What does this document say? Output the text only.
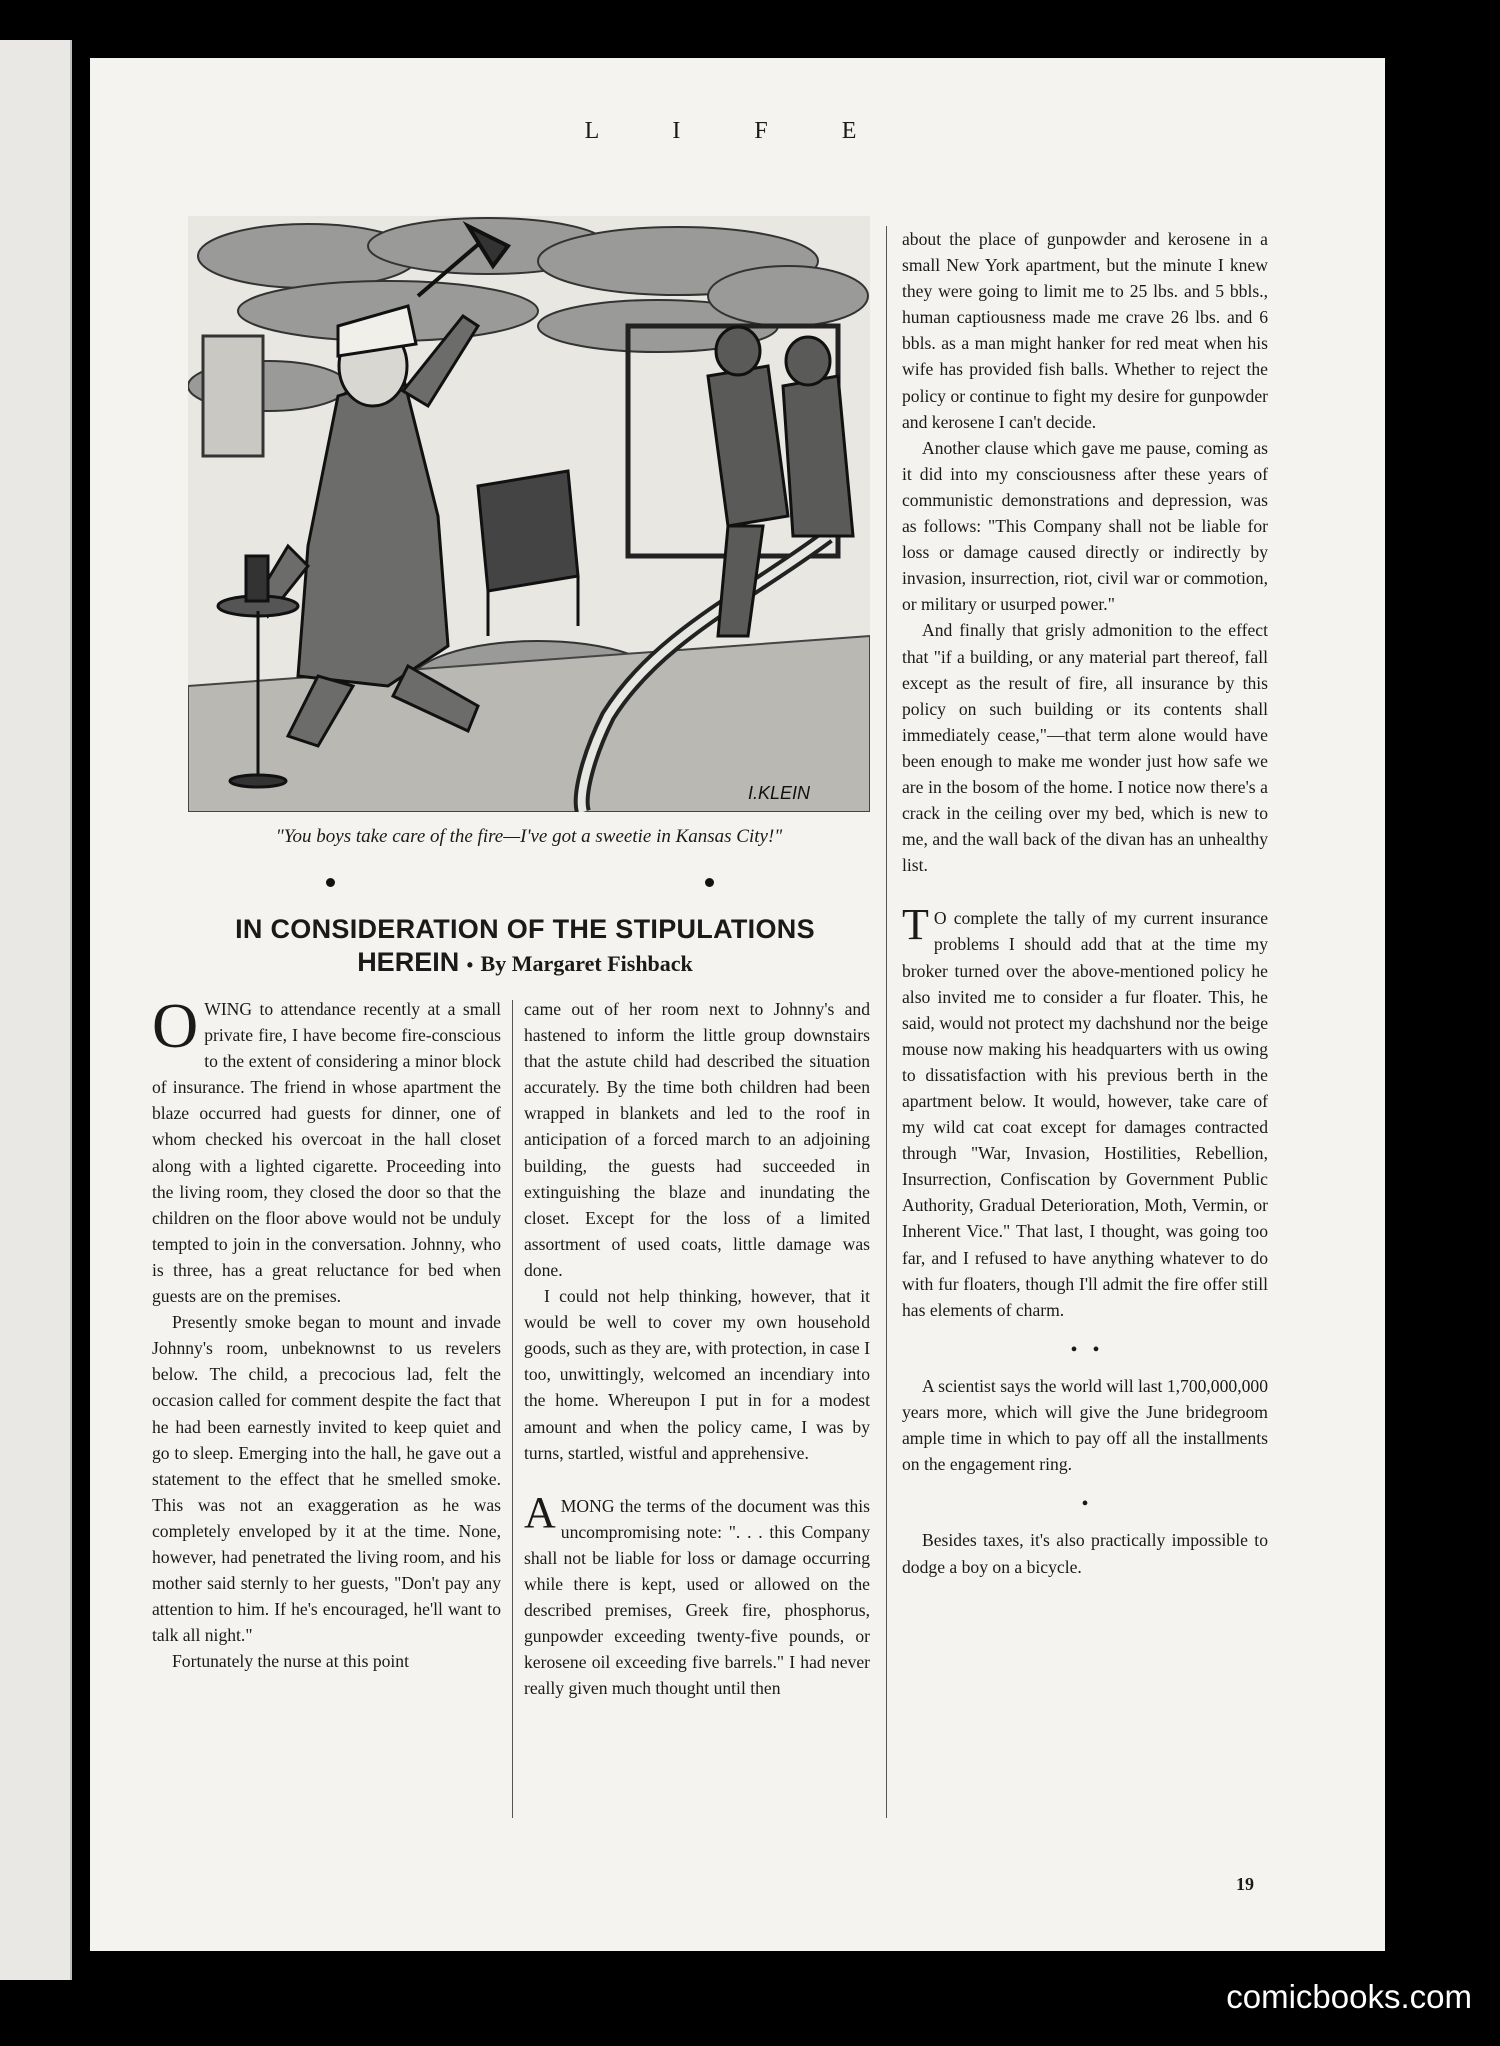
L I F E
I.KLEIN
"You boys take care of the fire—I've got a sweetie in Kansas City!"
IN CONSIDERATION OF THE STIPULATIONS
HEREIN • By Margaret Fishback

OWING to attendance recently at a small private fire, I have become fire-conscious to the extent of considering a minor block of insurance. The friend in whose apartment the blaze occurred had guests for dinner, one of whom checked his overcoat in the hall closet along with a lighted cigarette. Proceeding into the living room, they closed the door so that the children on the floor above would not be unduly tempted to join in the conversation. Johnny, who is three, has a great reluctance for bed when guests are on the premises.

Presently smoke began to mount and invade Johnny's room, unbeknownst to us revelers below. The child, a precocious lad, felt the occasion called for comment despite the fact that he had been earnestly invited to keep quiet and go to sleep. Emerging into the hall, he gave out a statement to the effect that he smelled smoke. This was not an exaggeration as he was completely enveloped by it at the time. None, however, had penetrated the living room, and his mother said sternly to her guests, "Don't pay any attention to him. If he's encouraged, he'll want to talk all night."

Fortunately the nurse at this point

came out of her room next to Johnny's and hastened to inform the little group downstairs that the astute child had described the situation accurately. By the time both children had been wrapped in blankets and led to the roof in anticipation of a forced march to an adjoining building, the guests had succeeded in extinguishing the blaze and inundating the closet. Except for the loss of a limited assortment of used coats, little damage was done.

I could not help thinking, however, that it would be well to cover my own household goods, such as they are, with protection, in case I too, unwittingly, welcomed an incendiary into the home. Whereupon I put in for a modest amount and when the policy came, I was by turns, startled, wistful and apprehensive.

AMONG the terms of the document was this uncompromising note: ". . . this Company shall not be liable for loss or damage occurring while there is kept, used or allowed on the described premises, Greek fire, phosphorus, gunpowder exceeding twenty-five pounds, or kerosene oil exceeding five barrels." I had never really given much thought until then

about the place of gunpowder and kerosene in a small New York apartment, but the minute I knew they were going to limit me to 25 lbs. and 5 bbls., human captiousness made me crave 26 lbs. and 6 bbls. as a man might hanker for red meat when his wife has provided fish balls. Whether to reject the policy or continue to fight my desire for gunpowder and kerosene I can't decide.

Another clause which gave me pause, coming as it did into my consciousness after these years of communistic demonstrations and depression, was as follows: "This Company shall not be liable for loss or damage caused directly or indirectly by invasion, insurrection, riot, civil war or commotion, or military or usurped power."

And finally that grisly admonition to the effect that "if a building, or any material part thereof, fall except as the result of fire, all insurance by this policy on such building or its contents shall immediately cease,"—that term alone would have been enough to make me wonder just how safe we are in the bosom of the home. I notice now there's a crack in the ceiling over my bed, which is new to me, and the wall back of the divan has an unhealthy list.

T O complete the tally of my current insurance problems I should add that at the time my broker turned over the above-mentioned policy he also invited me to consider a fur floater. This, he said, would not protect my dachshund nor the beige mouse now making his headquarters with us owing to dissatisfaction with his previous berth in the apartment below. It would, however, take care of my wild cat coat except for damages contracted through "War, Invasion, Hostilities, Rebellion, Insurrection, Confiscation by Government Public Authority, Gradual Deterioration, Moth, Vermin, or Inherent Vice." That last, I thought, was going too far, and I refused to have anything whatever to do with fur floaters, though I'll admit the fire offer still has elements of charm.

•   •

A scientist says the world will last 1,700,000,000 years more, which will give the June bridegroom ample time in which to pay off all the installments on the engagement ring.

•

Besides taxes, it's also practically impossible to dodge a boy on a bicycle.

19
comicbooks.com
